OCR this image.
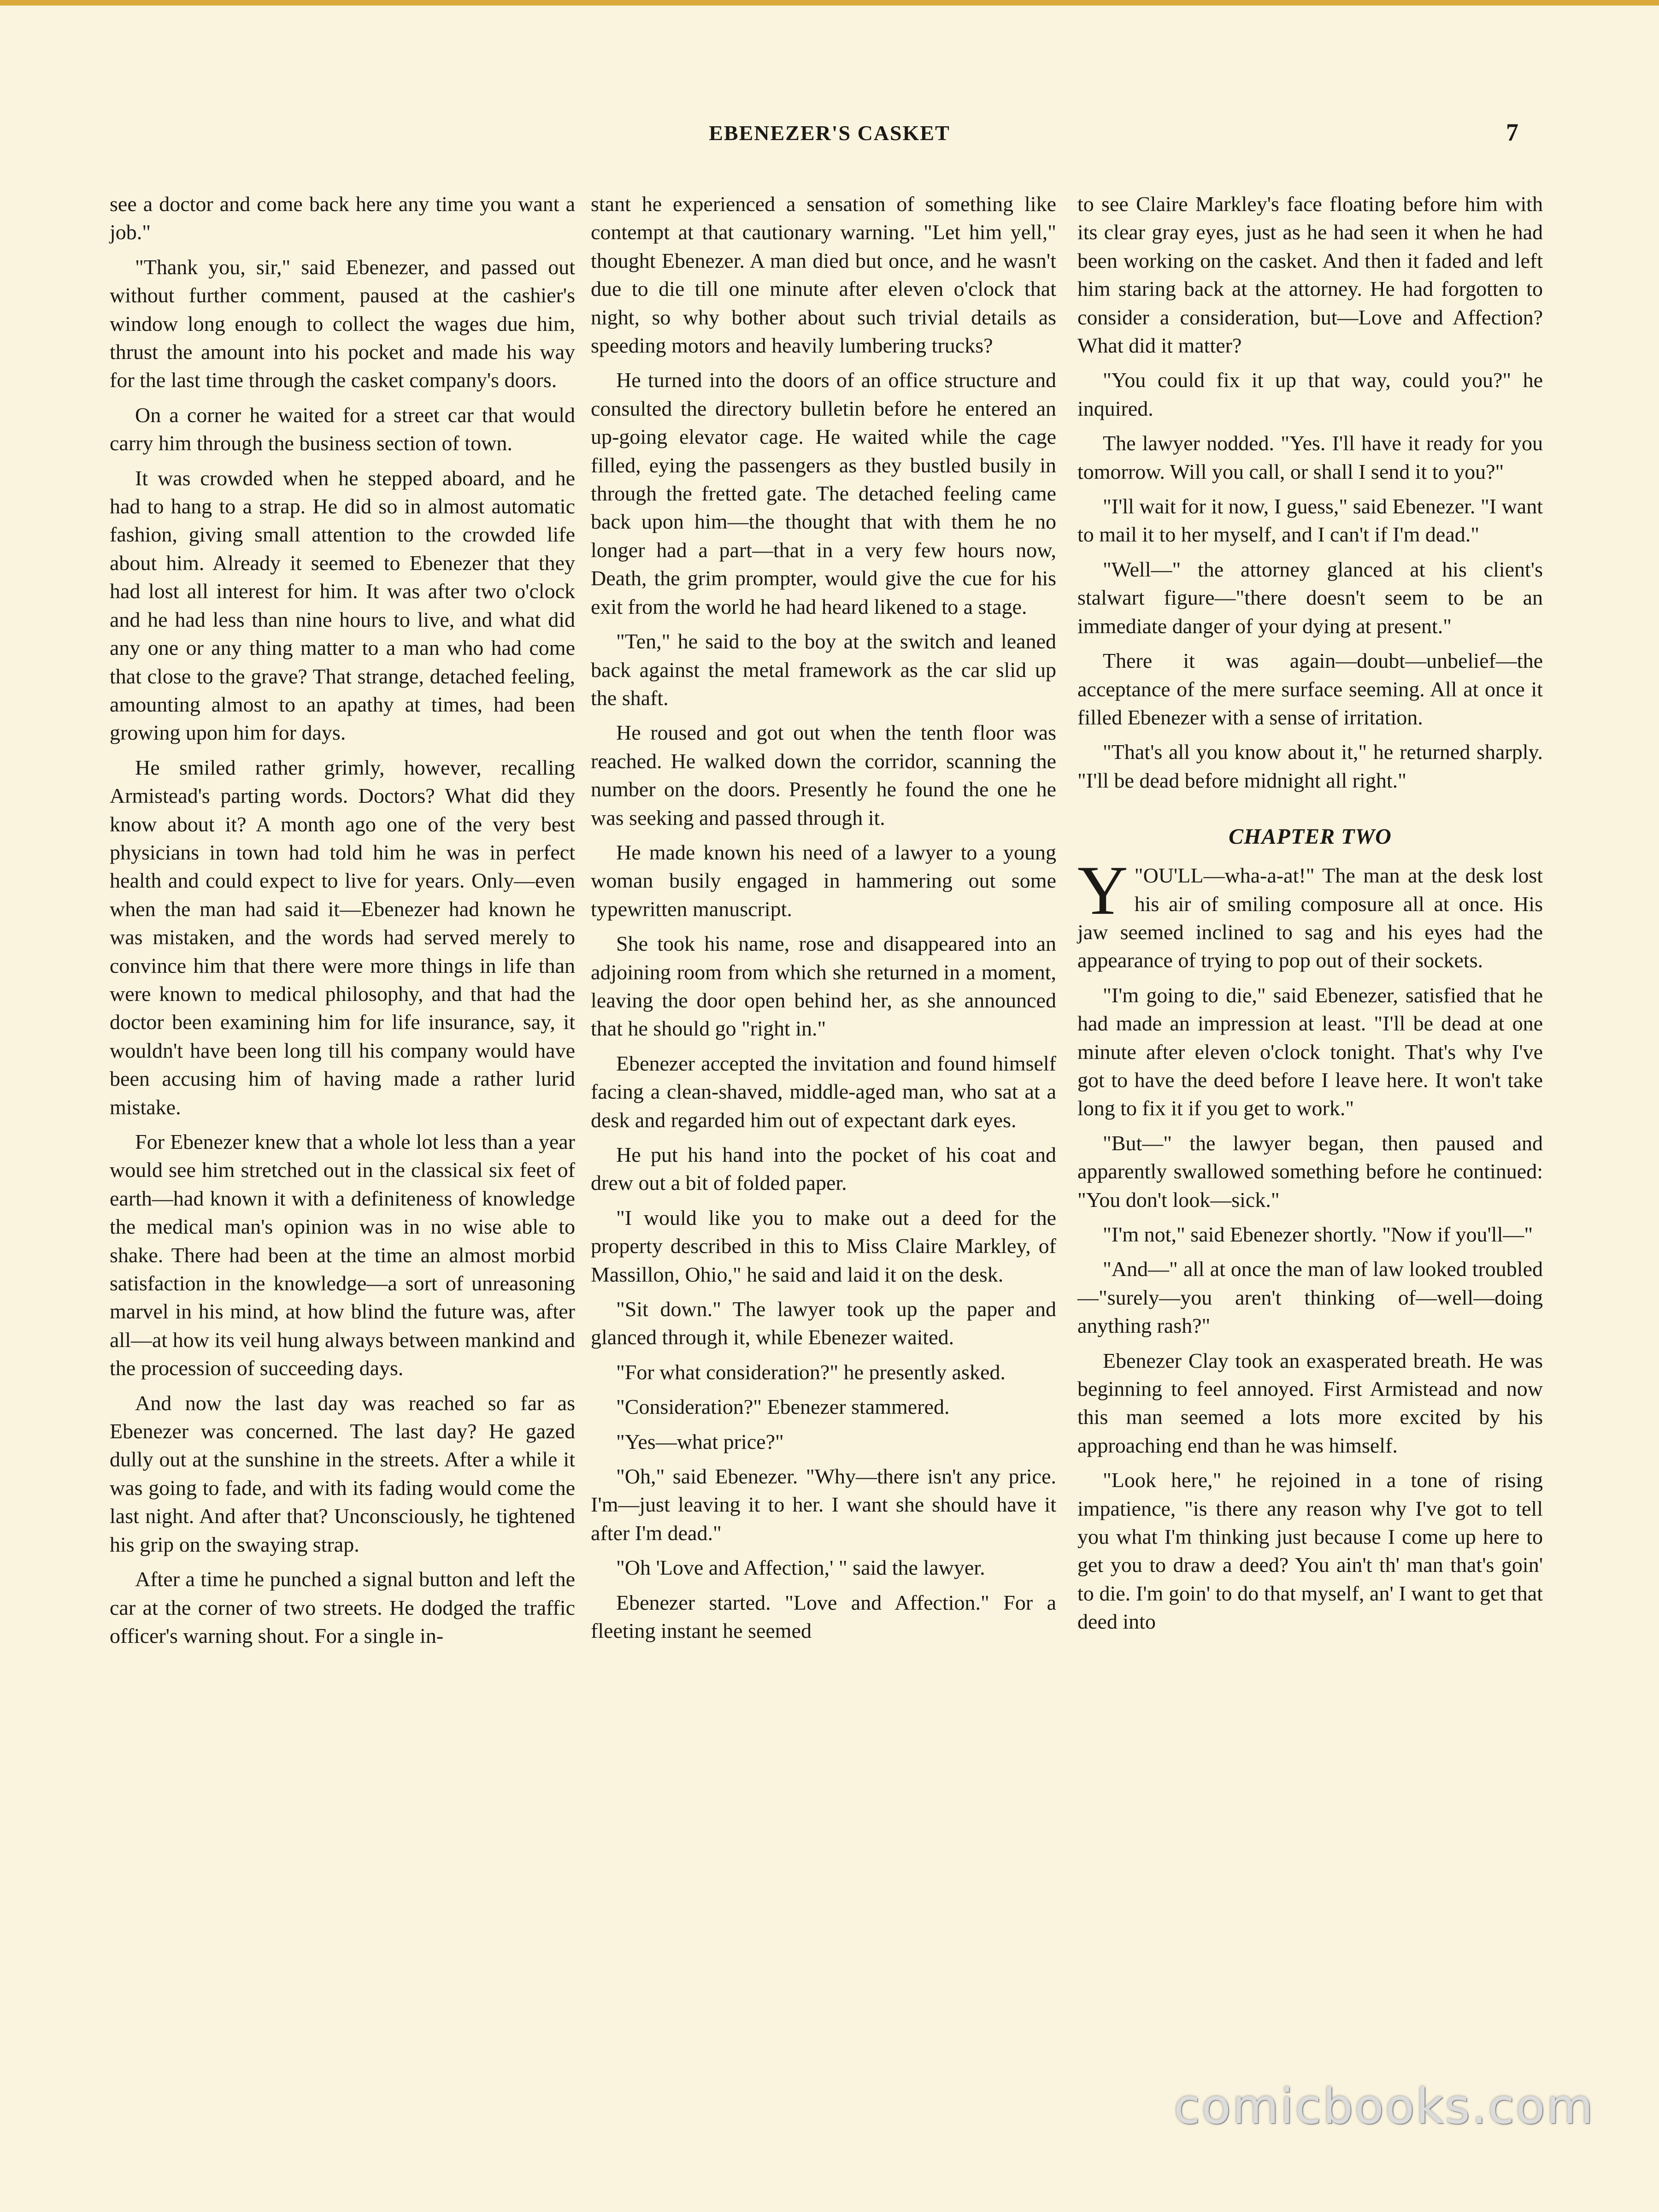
EBENEZER'S CASKET	7

see a doctor and come back here any time you want a job."

"Thank you, sir," said Ebenezer, and passed out without further comment, paused at the cashier's window long enough to collect the wages due him, thrust the amount into his pocket and made his way for the last time through the casket company's doors.

On a corner he waited for a street car that would carry him through the business section of town.

It was crowded when he stepped aboard, and he had to hang to a strap. He did so in almost automatic fashion, giving small attention to the crowded life about him. Already it seemed to Ebenezer that they had lost all interest for him. It was after two o'clock and he had less than nine hours to live, and what did any one or any thing matter to a man who had come that close to the grave? That strange, detached feeling, amounting almost to an apathy at times, had been growing upon him for days.

He smiled rather grimly, however, recalling Armistead's parting words. Doctors? What did they know about it? A month ago one of the very best physicians in town had told him he was in perfect health and could expect to live for years. Only—even when the man had said it—Ebenezer had known he was mistaken, and the words had served merely to convince him that there were more things in life than were known to medical philosophy, and that had the doctor been examining him for life insurance, say, it wouldn't have been long till his company would have been accusing him of having made a rather lurid mistake.

For Ebenezer knew that a whole lot less than a year would see him stretched out in the classical six feet of earth—had known it with a definiteness of knowledge the medical man's opinion was in no wise able to shake. There had been at the time an almost morbid satisfaction in the knowledge—a sort of unreasoning marvel in his mind, at how blind the future was, after all—at how its veil hung always between mankind and the procession of succeeding days.

And now the last day was reached so far as Ebenezer was concerned. The last day? He gazed dully out at the sunshine in the streets. After a while it was going to fade, and with its fading would come the last night. And after that? Unconsciously, he tightened his grip on the swaying strap.

After a time he punched a signal button and left the car at the corner of two streets. He dodged the traffic officer's warning shout. For a single in-

stant he experienced a sensation of something like contempt at that cautionary warning. "Let him yell," thought Ebenezer. A man died but once, and he wasn't due to die till one minute after eleven o'clock that night, so why bother about such trivial details as speeding motors and heavily lumbering trucks?

He turned into the doors of an office structure and consulted the directory bulletin before he entered an up-going elevator cage. He waited while the cage filled, eying the passengers as they bustled busily in through the fretted gate. The detached feeling came back upon him—the thought that with them he no longer had a part—that in a very few hours now, Death, the grim prompter, would give the cue for his exit from the world he had heard likened to a stage.

"Ten," he said to the boy at the switch and leaned back against the metal framework as the car slid up the shaft.

He roused and got out when the tenth floor was reached. He walked down the corridor, scanning the number on the doors. Presently he found the one he was seeking and passed through it.

He made known his need of a lawyer to a young woman busily engaged in hammering out some typewritten manuscript.

She took his name, rose and disappeared into an adjoining room from which she returned in a moment, leaving the door open behind her, as she announced that he should go "right in."

Ebenezer accepted the invitation and found himself facing a clean-shaved, middle-aged man, who sat at a desk and regarded him out of expectant dark eyes.

He put his hand into the pocket of his coat and drew out a bit of folded paper.

"I would like you to make out a deed for the property described in this to Miss Claire Markley, of Massillon, Ohio," he said and laid it on the desk.

"Sit down." The lawyer took up the paper and glanced through it, while Ebenezer waited.

"For what consideration?" he presently asked.

"Consideration?" Ebenezer stammered.

"Yes—what price?"

"Oh," said Ebenezer. "Why—there isn't any price. I'm—just leaving it to her. I want she should have it after I'm dead."

"Oh 'Love and Affection,' " said the lawyer.

Ebenezer started. "Love and Affection." For a fleeting instant he seemed

to see Claire Markley's face floating before him with its clear gray eyes, just as he had seen it when he had been working on the casket. And then it faded and left him staring back at the attorney. He had forgotten to consider a consideration, but—Love and Affection? What did it matter?

"You could fix it up that way, could you?" he inquired.

The lawyer nodded. "Yes. I'll have it ready for you tomorrow. Will you call, or shall I send it to you?"

"I'll wait for it now, I guess," said Ebenezer. "I want to mail it to her myself, and I can't if I'm dead."

"Well—" the attorney glanced at his client's stalwart figure—"there doesn't seem to be an immediate danger of your dying at present."

There it was again—doubt—unbelief—the acceptance of the mere surface seeming. All at once it filled Ebenezer with a sense of irritation.

"That's all you know about it," he returned sharply. "I'll be dead before midnight all right."

CHAPTER TWO

"
Y OU'LL—wha-a-at!" The man at the desk lost his air of smiling composure all at once. His jaw seemed inclined to sag and his eyes had the appearance of trying to pop out of their sockets.

"I'm going to die," said Ebenezer, satisfied that he had made an impression at least. "I'll be dead at one minute after eleven o'clock tonight. That's why I've got to have the deed before I leave here. It won't take long to fix it if you get to work."

"But—" the lawyer began, then paused and apparently swallowed something before he continued: "You don't look—sick."

"I'm not," said Ebenezer shortly. "Now if you'll—"

"And—" all at once the man of law looked troubled—"surely—you aren't thinking of—well—doing anything rash?"

Ebenezer Clay took an exasperated breath. He was beginning to feel annoyed. First Armistead and now this man seemed a lots more excited by his approaching end than he was himself.

"Look here," he rejoined in a tone of rising impatience, "is there any reason why I've got to tell you what I'm thinking just because I come up here to get you to draw a deed? You ain't th' man that's goin' to die. I'm goin' to do that myself, an' I want to get that deed into

comicbooks.com
